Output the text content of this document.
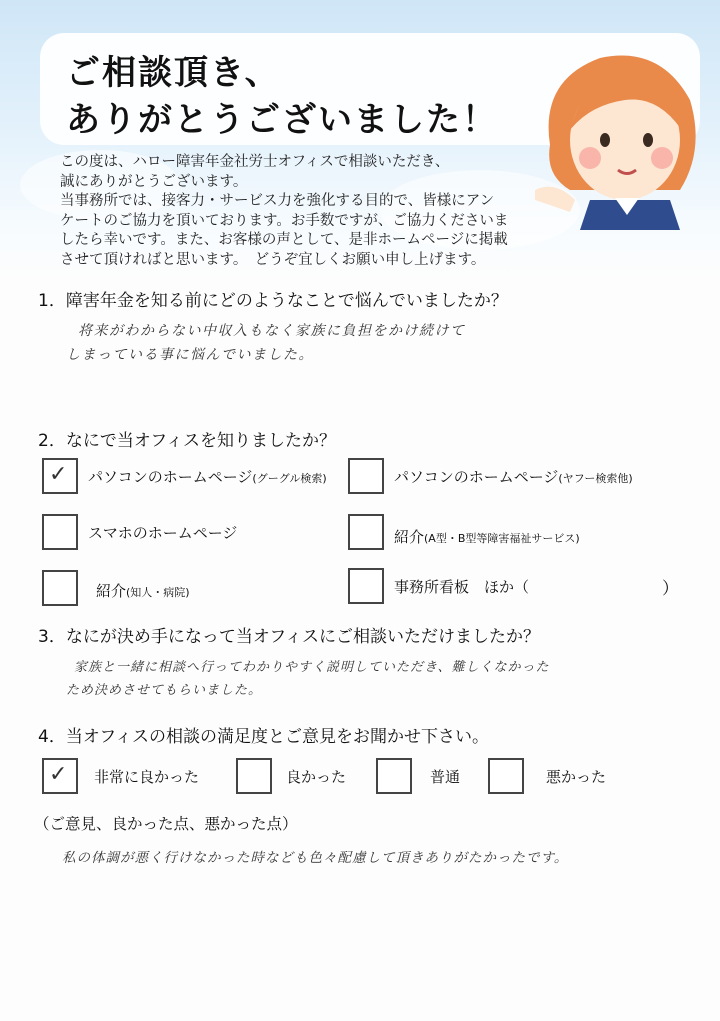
ご相談頂き、
ありがとうございました！
この度は、ハロー障害年金社労士オフィスで相談いただき、
誠にありがとうございます。
当事務所では、接客力・サービス力を強化する目的で、皆様にアン
ケートのご協力を頂いております。お手数ですが、ご協力くださいま
したら幸いです。また、お客様の声として、是非ホームページに掲載
させて頂ければと思います。　どうぞ宜しくお願い申し上げます。
1．障害年金を知る前にどのようなことで悩んでいましたか？
将来がわからない中収入もなく家族に負担をかけ続けて
しまっている事に悩んでいました。
2．なにで当オフィスを知りましたか？
✓ パソコンのホームページ(グーグル検索)	パソコンのホームページ(ヤフー検索他)
スマホのホームページ	紹介(A型・B型等障害福祉サービス)
紹介(知人・病院)	事務所看板　ほか（	）
3．なにが決め手になって当オフィスにご相談いただけましたか？
家族と一緒に相談へ行ってわかりやすく説明していただき、難しくなかった
ため決めさせてもらいました。
4．当オフィスの相談の満足度とご意見をお聞かせ下さい。
✓ 非常に良かった	良かった	普通	悪かった
（ご意見、良かった点、悪かった点）
私の体調が悪く行けなかった時なども色々配慮して頂きありがたかったです。
